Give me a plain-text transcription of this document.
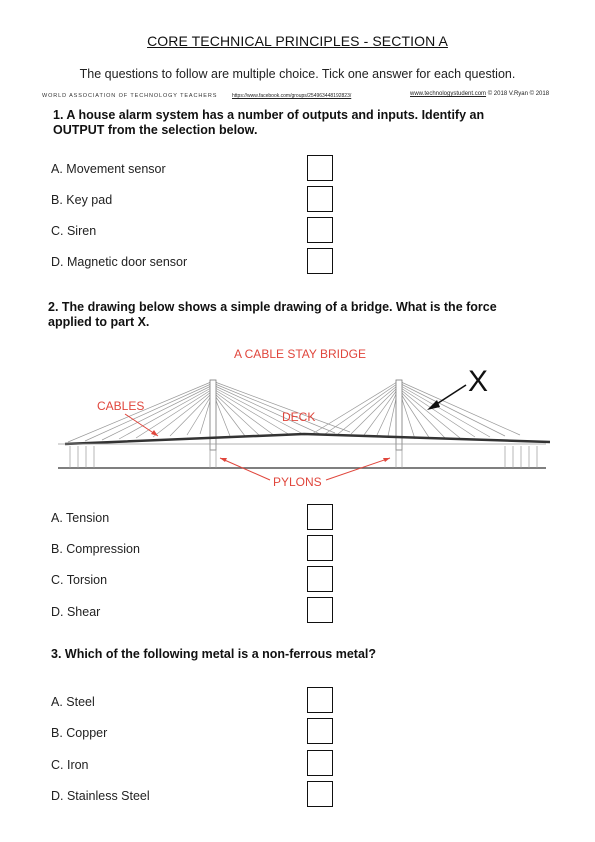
CORE TECHNICAL PRINCIPLES - SECTION A
The questions to follow are multiple choice. Tick one answer for each question.
WORLD ASSOCIATION OF TECHNOLOGY TEACHERS	https://www.facebook.com/groups/254963448192823/	www.technologystudent.com © 2018 V.Ryan © 2018
1. A house alarm system has a number of outputs and inputs. Identify an
OUTPUT from the selection below.
A. Movement sensor
B. Key pad
C. Siren
D. Magnetic door sensor
2. The drawing below shows a simple drawing of a bridge. What is the force
applied to part X.
A CABLE STAY BRIDGE
CABLES
DECK
PYLONS
X
A. Tension
B. Compression
C. Torsion
D. Shear
3. Which of the following metal is a non-ferrous metal?
A. Steel
B. Copper
C. Iron
D. Stainless Steel
